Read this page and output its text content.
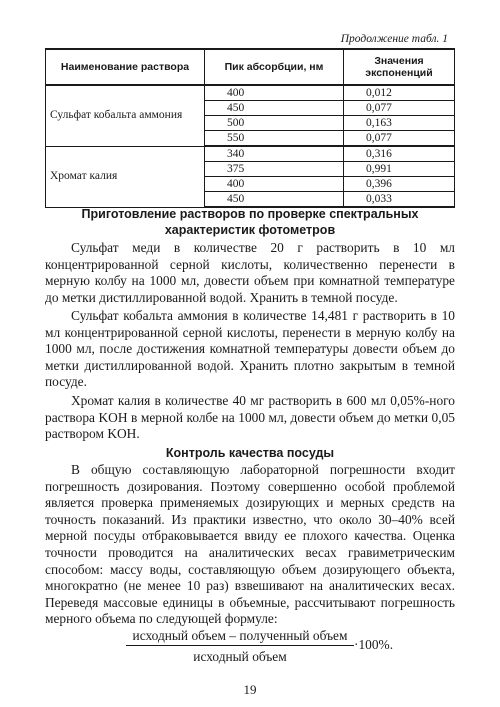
Продолжение табл. 1
Наименование раствора	Пик абсорбции, нм	Значения экспоненций
Сульфат кобальта аммония	400	0,012
	450	0,077
	500	0,163
	550	0,077
Хромат калия	340	0,316
	375	0,991
	400	0,396
	450	0,033
Приготовление растворов по проверке спектральных
характеристик фотометров

Сульфат меди в количестве 20 г растворить в 10 мл концентрированной серной кислоты, количественно перенести в мерную колбу на 1000 мл, довести объем при комнатной температуре до метки дистиллированной водой. Хранить в темной посуде.

Сульфат кобальта аммония в количестве 14,481 г растворить в 10 мл концентрированной серной кислоты, перенести в мерную колбу на 1000 мл, после достижения комнатной температуры довести объем до метки дистиллированной водой. Хранить плотно закрытым в темной посуде.

Хромат калия в количестве 40 мг растворить в 600 мл 0,05%-ного раствора KOH в мерной колбе на 1000 мл, довести объем до метки 0,05 раствором KOH.

Контроль качества посуды

В общую составляющую лабораторной погрешности входит погрешность дозирования. Поэтому совершенно особой проблемой является проверка применяемых дозирующих и мерных средств на точность показаний. Из практики известно, что около 30–40% всей мерной посуды отбраковывается ввиду ее плохого качества. Оценка точности проводится на аналитических весах гравиметрическим способом: массу воды, составляющую объем дозирующего объекта, многократно (не менее 10 раз) взвешивают на аналитических весах. Переведя массовые единицы в объемные, рассчитывают погрешность мерного объема по следующей формуле:

исходный объем – полученный объем
исходный объем
·100%.
19
